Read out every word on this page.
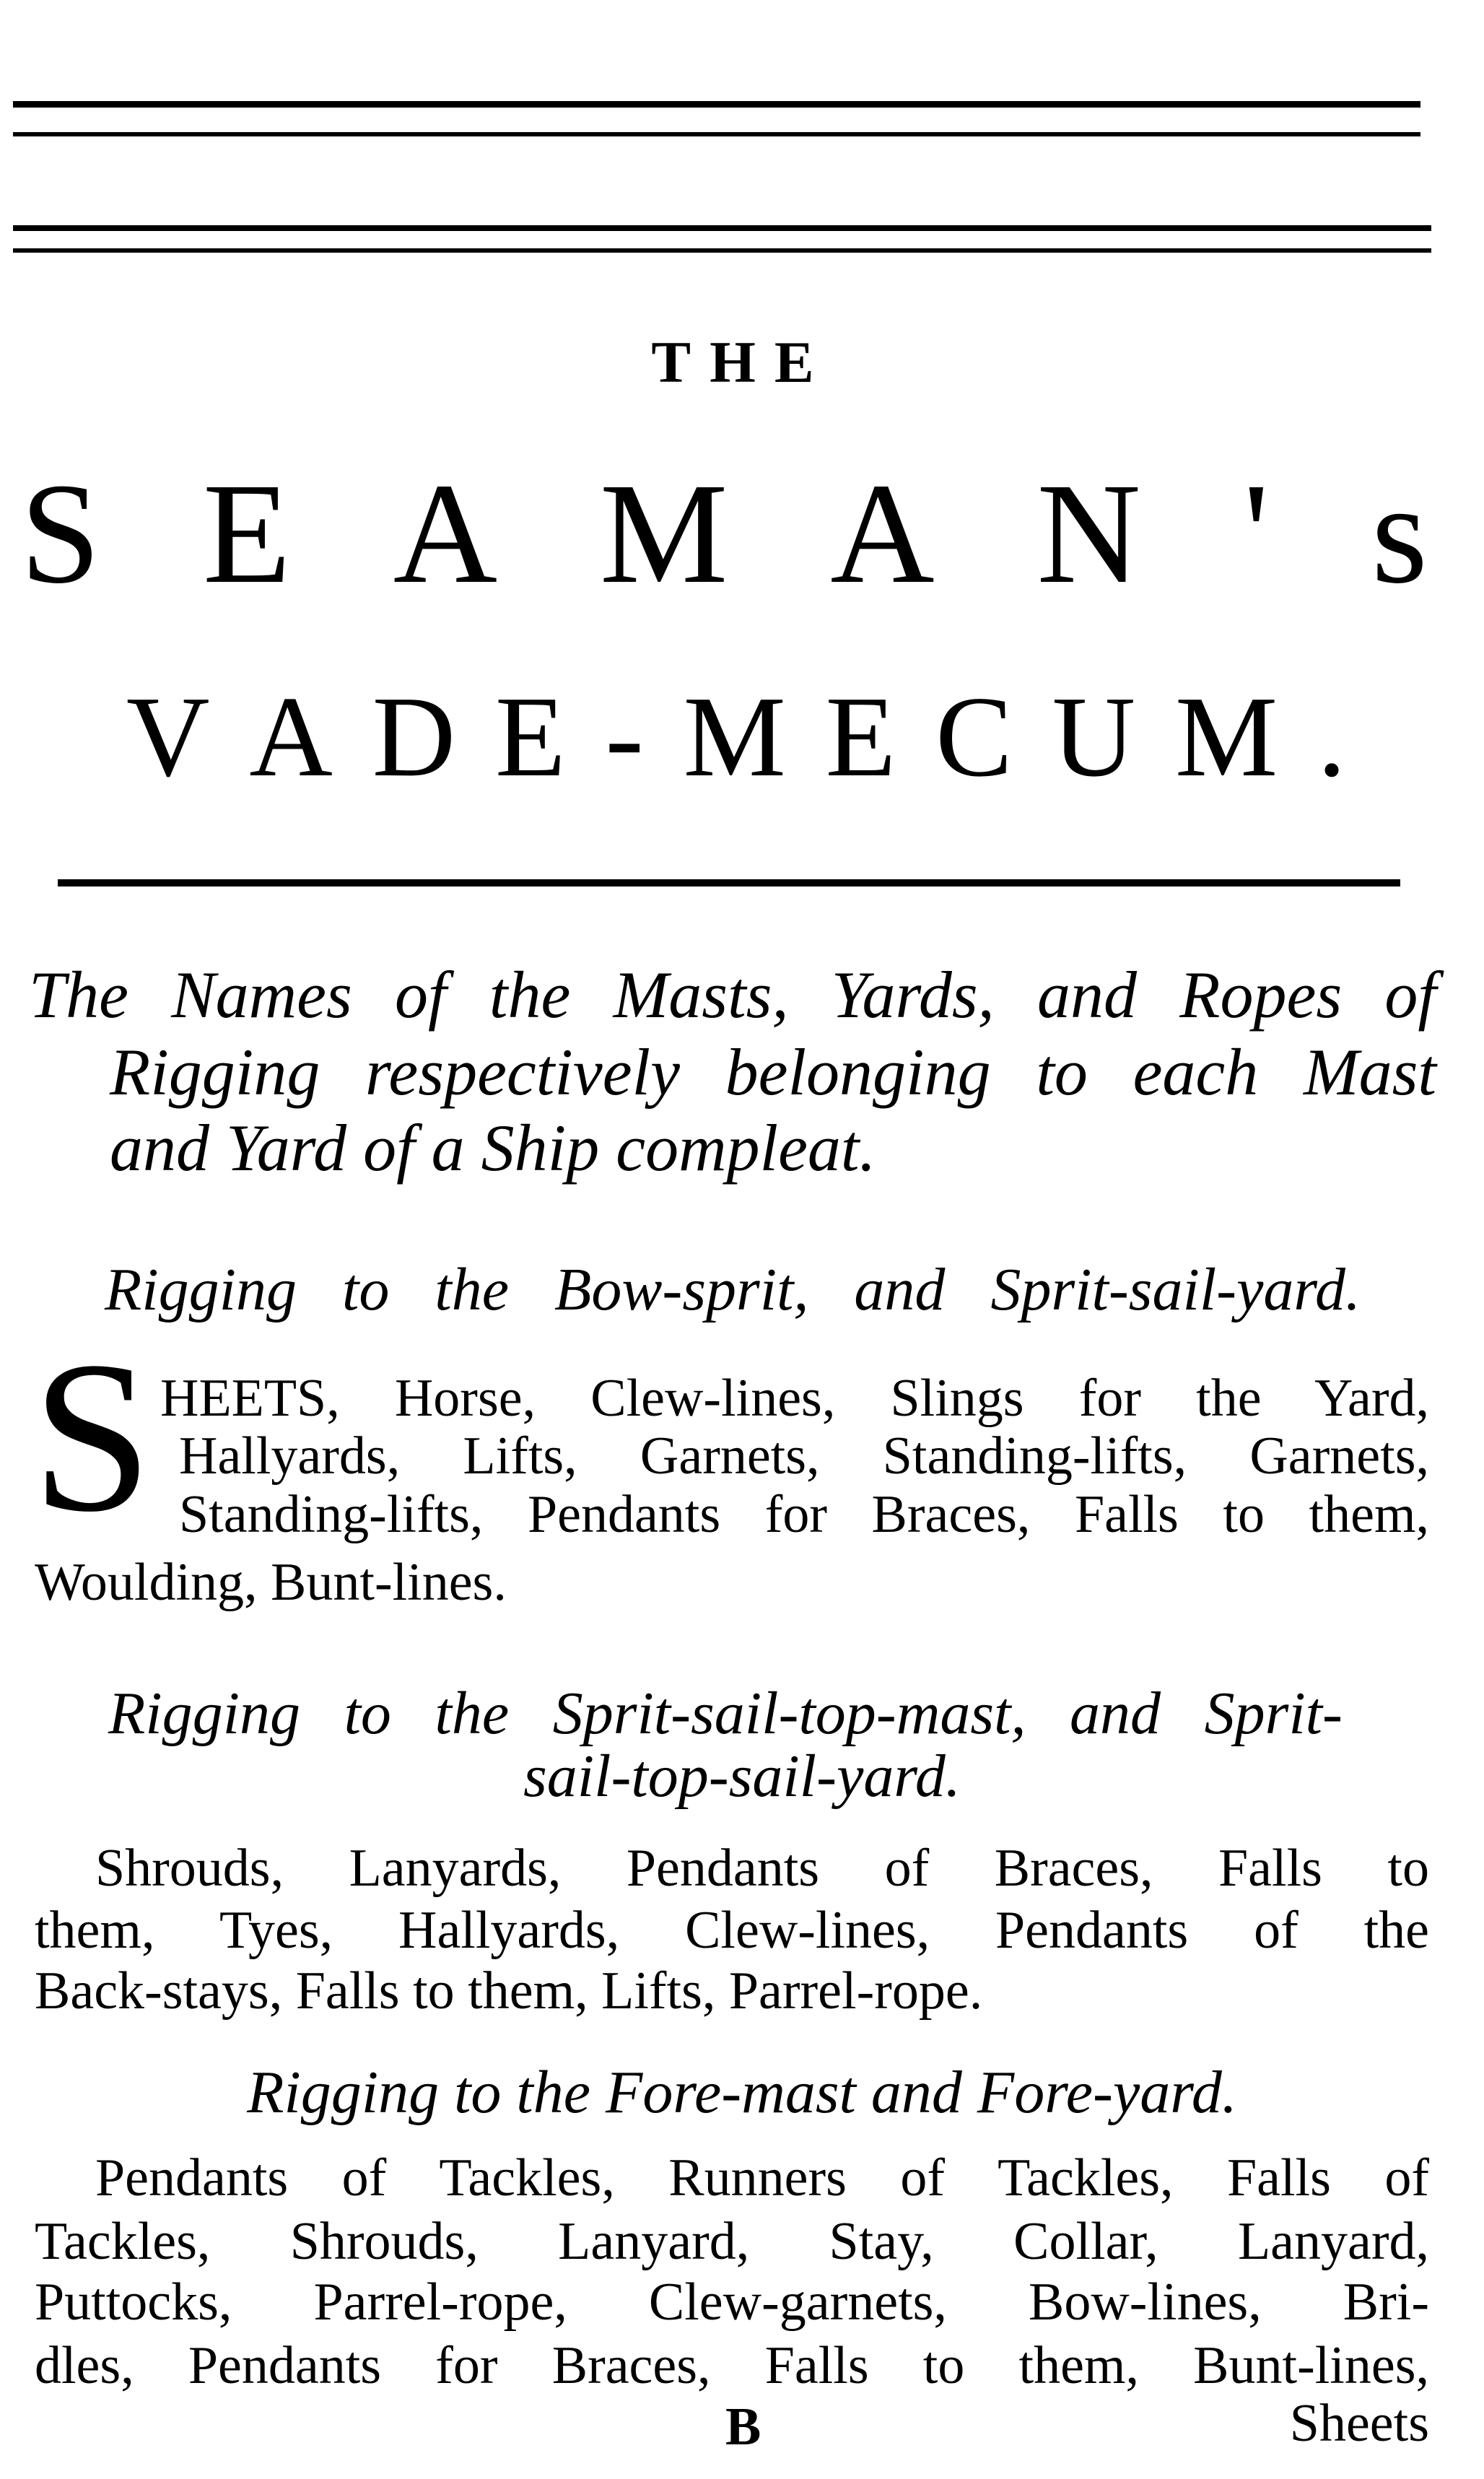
THE
S E A M A N ' s
V A D E - M E C U M .
The Names of the Masts, Yards, and Ropes of
Rigging respectively belonging to each Mast
and Yard of a Ship compleat.
Rigging to the Bow-sprit, and Sprit-sail-yard.
S HEETS, Horse, Clew-lines, Slings for the Yard,
Hallyards, Lifts, Garnets, Standing-lifts, Garnets,
Standing-lifts, Pendants for Braces, Falls to them,
Woulding, Bunt-lines.
Rigging to the Sprit-sail-top-mast, and Sprit-
sail-top-sail-yard.
Shrouds, Lanyards, Pendants of Braces, Falls to
them, Tyes, Hallyards, Clew-lines, Pendants of the
Back-stays, Falls to them, Lifts, Parrel-rope.
Rigging to the Fore-mast and Fore-yard.
Pendants of Tackles, Runners of Tackles, Falls of
Tackles, Shrouds, Lanyard, Stay, Collar, Lanyard,
Puttocks, Parrel-rope, Clew-garnets, Bow-lines, Bri-
dles, Pendants for Braces, Falls to them, Bunt-lines,
B	Sheets
